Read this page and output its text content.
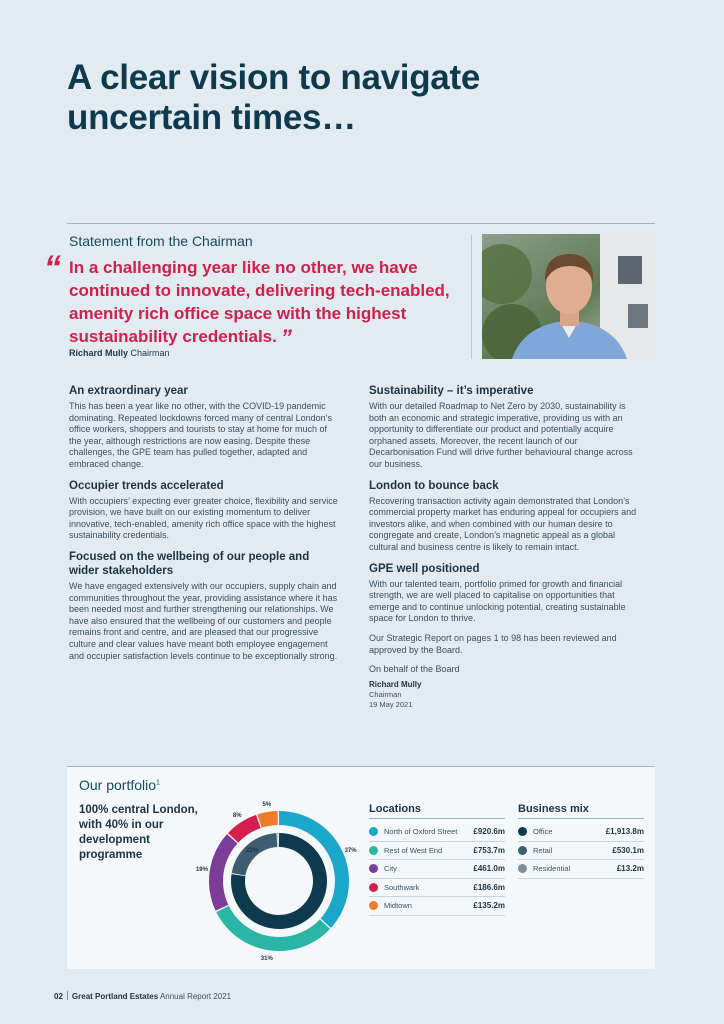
A clear vision to navigate uncertain times…
Statement from the Chairman
“ In a challenging year like no other, we have continued to innovate, delivering tech-enabled, amenity rich office space with the highest sustainability credentials. ”

Richard Mully Chairman
An extraordinary year

This has been a year like no other, with the COVID-19 pandemic dominating. Repeated lockdowns forced many of central London’s office workers, shoppers and tourists to stay at home for much of the year, although restrictions are now easing. Despite these challenges, the GPE team has pulled together, adapted and embraced change.

Occupier trends accelerated

With occupiers’ expecting ever greater choice, flexibility and service provision, we have built on our existing momentum to deliver innovative, tech-enabled, amenity rich office space with the highest sustainability credentials.

Focused on the wellbeing of our people and wider stakeholders

We have engaged extensively with our occupiers, supply chain and communities throughout the year, providing assistance where it has been needed most and further strengthening our relationships. We have also ensured that the wellbeing of our customers and people remains front and centre, and are pleased that our progressive culture and clear values have meant both employee engagement and occupier satisfaction levels continue to be exceptionally strong.

Sustainability – it’s imperative

With our detailed Roadmap to Net Zero by 2030, sustainability is both an economic and strategic imperative, providing us with an opportunity to differentiate our product and potentially acquire orphaned assets. Moreover, the recent launch of our Decarbonisation Fund will drive further behavioural change across our business.

London to bounce back

Recovering transaction activity again demonstrated that London’s commercial property market has enduring appeal for occupiers and investors alike, and when combined with our human desire to congregate and create, London’s magnetic appeal as a global cultural and business centre is likely to remain intact.

GPE well positioned

With our talented team, portfolio primed for growth and financial strength, we are well placed to capitalise on opportunities that emerge and to continue unlocking potential, creating sustainable space for London to thrive.

Our Strategic Report on pages 1 to 98 has been reviewed and approved by the Board.

On behalf of the Board

Richard Mully
Chairman
19 May 2021
Our portfolio$^1$
100% central London, with 40% in our development programme	37%
31%
19%
8%
5%
78%
22%
Locations
North of Oxford Street	£920.6m
Rest of West End	£753.7m
City	£461.0m
Southwark	£186.6m
Midtown	£135.2m
Business mix
Office	£1,913.8m
Retail	£530.1m
Residential	£13.2m
02 Great Portland Estates Annual Report 2021
